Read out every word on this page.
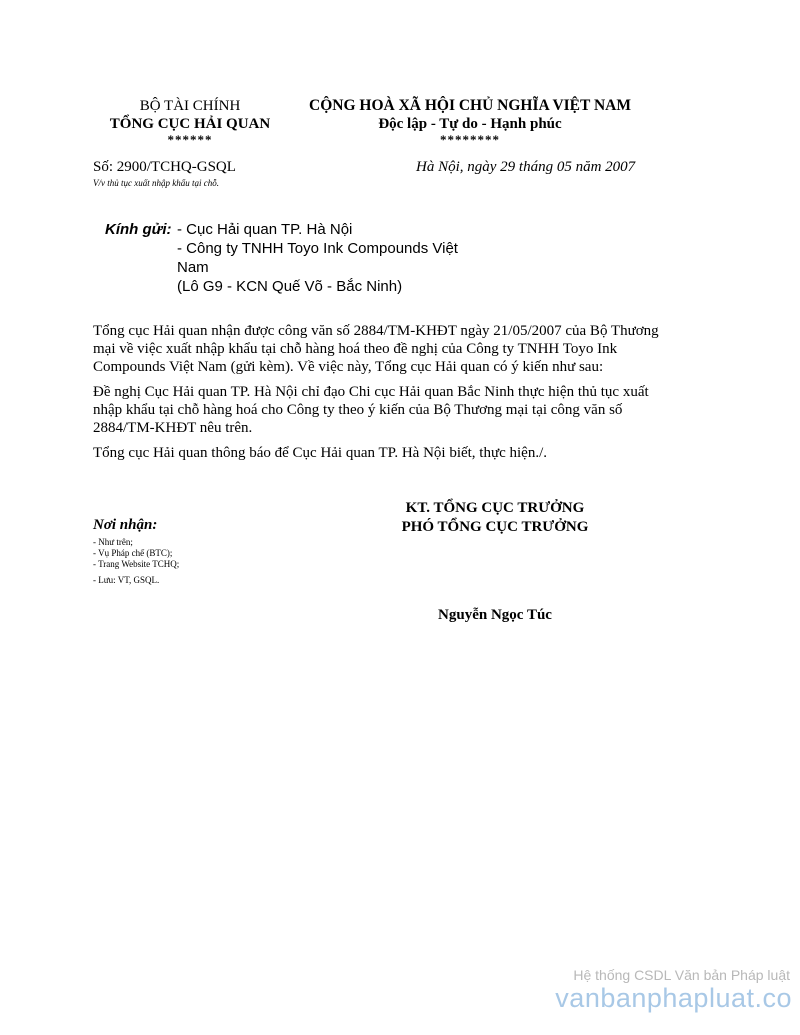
BỘ TÀI CHÍNH
TỔNG CỤC HẢI QUAN
******
CỘNG HOÀ XÃ HỘI CHỦ NGHĨA VIỆT NAM
Độc lập - Tự do - Hạnh phúc
********
Số: 2900/TCHQ-GSQL
V/v thủ tục xuất nhập khẩu tại chỗ.
Hà Nội, ngày 29 tháng 05 năm 2007
Kính gửi: - Cục Hải quan TP. Hà Nội
- Công ty TNHH Toyo Ink Compounds Việt
Nam
(Lô G9 - KCN Quế Võ - Bắc Ninh)
Tổng cục Hải quan nhận được công văn số 2884/TM-KHĐT ngày 21/05/2007 của Bộ Thương mại về việc xuất nhập khẩu tại chỗ hàng hoá theo đề nghị của Công ty TNHH Toyo Ink Compounds Việt Nam (gửi kèm). Về việc này, Tổng cục Hải quan có ý kiến như sau:
Đề nghị Cục Hải quan TP. Hà Nội chỉ đạo Chi cục Hải quan Bắc Ninh thực hiện thủ tục xuất nhập khẩu tại chỗ hàng hoá cho Công ty theo ý kiến của Bộ Thương mại tại công văn số 2884/TM-KHĐT nêu trên.
Tổng cục Hải quan thông báo để Cục Hải quan TP. Hà Nội biết, thực hiện./.
KT. TỔNG CỤC TRƯỞNG
PHÓ TỔNG CỤC TRƯỞNG
Nguyễn Ngọc Túc
Nơi nhận:
- Như trên;
- Vụ Pháp chế (BTC);
- Trang Website TCHQ;
- Lưu: VT, GSQL.
Hệ thống CSDL Văn bản Pháp luật
vanbanphapluat.co
